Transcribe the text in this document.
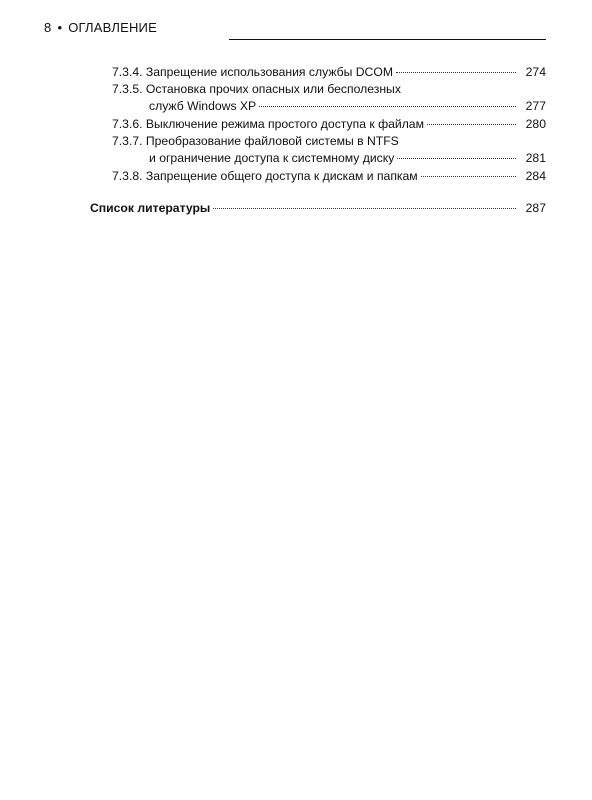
8 • ОГЛАВЛЕНИЕ
7.3.4.
Запрещение использования службы DCOM	274
7.3.5.
Остановка прочих опасных или бесполезных
служб Windows XP	277
7.3.6.
Выключение режима простого доступа к файлам	280
7.3.7.
Преобразование файловой системы в NTFS
и ограничение доступа к системному диску	281
7.3.8.
Запрещение общего доступа к дискам и папкам	284
Список литературы	287
